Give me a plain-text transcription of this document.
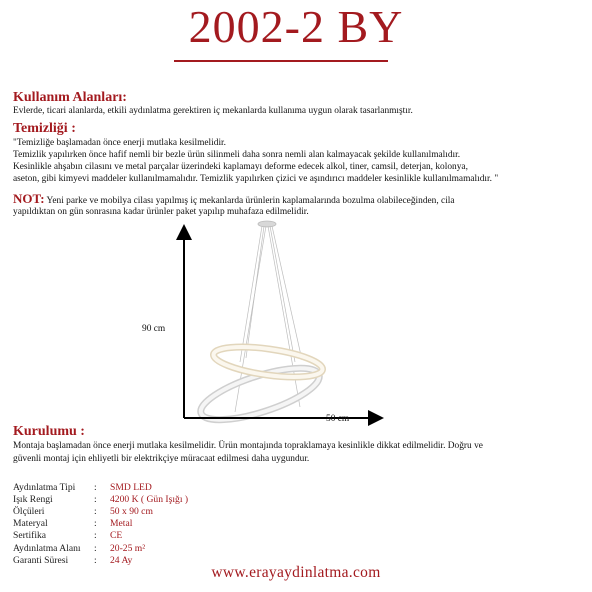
2002-2 BY
Kullanım Alanları:
Evlerde, ticari alanlarda, etkili aydınlatma gerektiren iç mekanlarda kullanıma uygun olarak tasarlanmıştır.
Temizliği :
"Temizliğe başlamadan önce enerji mutlaka kesilmelidir.
Temizlik yapılırken önce hafif nemli bir bezle ürün silinmeli daha sonra nemli alan kalmayacak şekilde kullanılmalıdır.
Kesinlikle ahşabın cilasını ve metal parçalar üzerindeki kaplamayı deforme edecek alkol, tiner, camsil, deterjan, kolonya,
aseton, gibi kimyevi maddeler kullanılmamalıdır. Temizlik yapılırken çizici ve aşındırıcı maddeler kesinlikle kullanılmamalıdır. "
NOT: Yeni parke ve mobilya cilası yapılmış iç mekanlarda ürünlerin kaplamalarında bozulma olabileceğinden, cila
yapıldıktan on gün sonrasına kadar ürünler paket yapılıp muhafaza edilmelidir.
90 cm
50 cm
Kurulumu :
Montaja başlamadan önce enerji mutlaka kesilmelidir. Ürün montajında topraklamaya kesinlikle dikkat edilmelidir. Doğru ve
güvenli montaj için ehliyetli bir elektrikçiye müracaat edilmesi daha uygundur.
Aydınlatma Tipi : SMD LED
Işık Rengi	: 4200 K ( Gün Işığı )
Ölçüleri	: 50 x 90 cm
Materyal	: Metal
Sertifika	: CE
Aydınlatma Alanı : 20-25 m²
Garanti Süresi	: 24 Ay
www.erayaydinlatma.com
